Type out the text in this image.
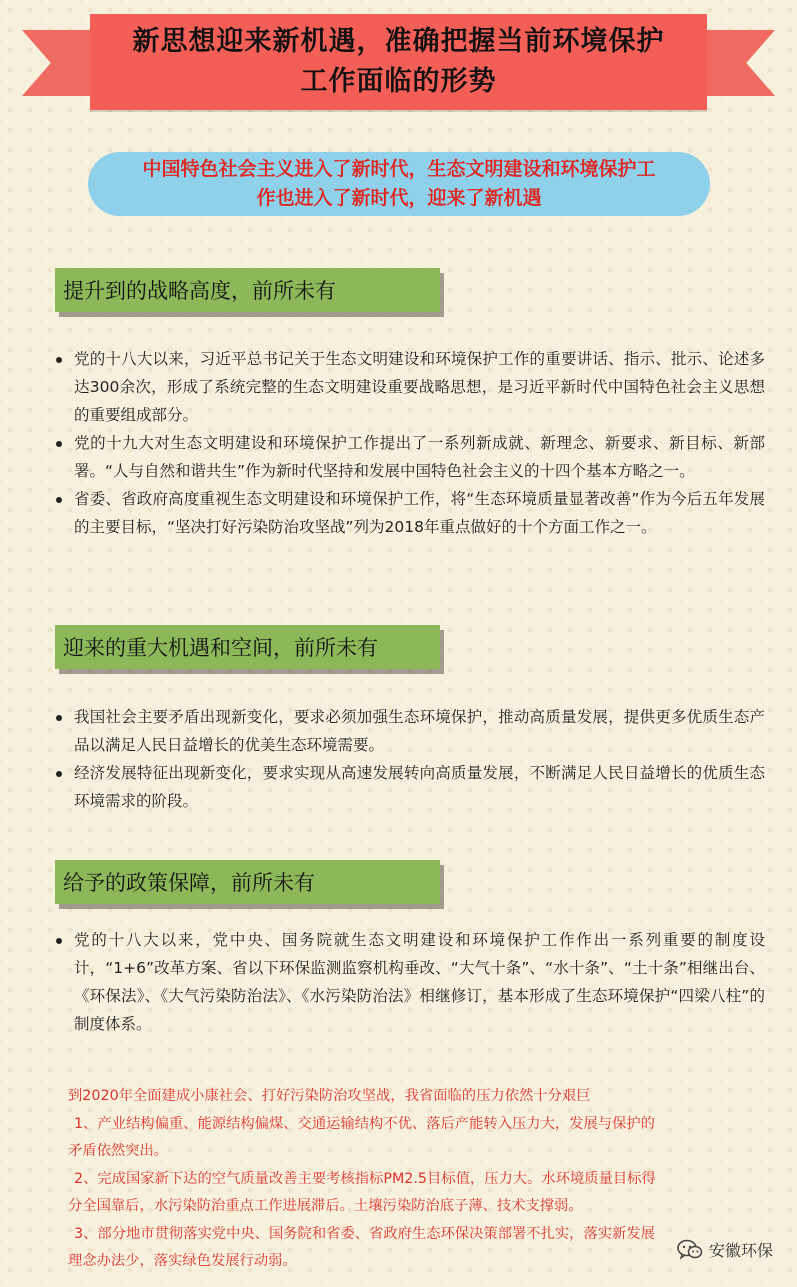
新思想迎来新机遇，准确把握当前环境保护
工作面临的形势

中国特色社会主义进入了新时代，生态文明建设和环境保护工
作也进入了新时代，迎来了新机遇

提升到的战略高度，前所未有
党的十八大以来，习近平总书记关于生态文明建设和环境保护工作的重要讲话、指示、批示、论述多达300余次，形成了系统完整的生态文明建设重要战略思想，是习近平新时代中国特色社会主义思想的重要组成部分。
党的十九大对生态文明建设和环境保护工作提出了一系列新成就、新理念、新要求、新目标、新部署。“人与自然和谐共生”作为新时代坚持和发展中国特色社会主义的十四个基本方略之一。
省委、省政府高度重视生态文明建设和环境保护工作，将“生态环境质量显著改善”作为今后五年发展的主要目标，“坚决打好污染防治攻坚战”列为2018年重点做好的十个方面工作之一。
迎来的重大机遇和空间，前所未有
我国社会主要矛盾出现新变化，要求必须加强生态环境保护，推动高质量发展，提供更多优质生态产品以满足人民日益增长的优美生态环境需要。
经济发展特征出现新变化，要求实现从高速发展转向高质量发展，不断满足人民日益增长的优质生态环境需求的阶段。
给予的政策保障，前所未有
党的十八大以来，党中央、国务院就生态文明建设和环境保护工作作出一系列重要的制度设计，“1+6”改革方案、省以下环保监测监察机构垂改、“大气十条”、“水十条”、“土十条”相继出台、《环保法》、《大气污染防治法》、《水污染防治法》相继修订，基本形成了生态环境保护“四梁八柱”的制度体系。
到2020年全面建成小康社会、打好污染防治攻坚战，我省面临的压力依然十分艰巨
1、产业结构偏重、能源结构偏煤、交通运输结构不优、落后产能转入压力大，发展与保护的
矛盾依然突出。
2、完成国家新下达的空气质量改善主要考核指标PM2.5目标值，压力大。水环境质量目标得
分全国靠后，水污染防治重点工作进展滞后。土壤污染防治底子薄、技术支撑弱。
3、部分地市贯彻落实党中央、国务院和省委、省政府生态环保决策部署不扎实，落实新发展
理念办法少，落实绿色发展行动弱。
安徽环保
